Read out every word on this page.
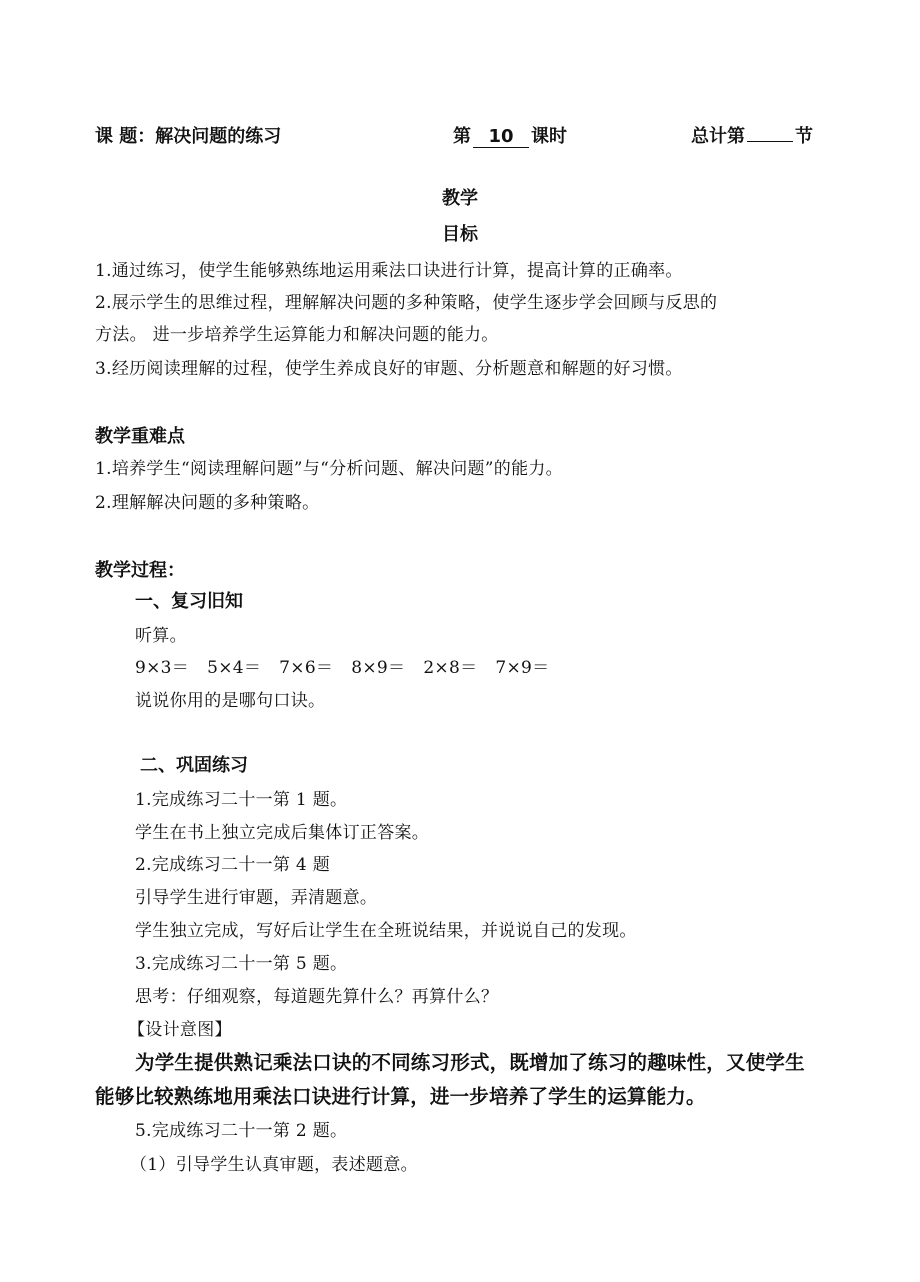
课 题：解决问题的练习	第 10 课时	总计第	节
教学
目标
1.通过练习，使学生能够熟练地运用乘法口诀进行计算，提高计算的正确率。
2.展示学生的思维过程，理解解决问题的多种策略，使学生逐步学会回顾与反思的
方法。 进一步培养学生运算能力和解决问题的能力。
3.经历阅读理解的过程，使学生养成良好的审题、分析题意和解题的好习惯。
教学重难点
1.培养学生“阅读理解问题”与“分析问题、解决问题”的能力。
2.理解解决问题的多种策略。
教学过程：
一、复习旧知
听算。
9×3＝ 5×4＝ 7×6＝ 8×9＝ 2×8＝ 7×9＝
说说你用的是哪句口诀。
二、巩固练习
1.完成练习二十一第 1 题。
学生在书上独立完成后集体订正答案。
2.完成练习二十一第 4 题
引导学生进行审题，弄清题意。
学生独立完成，写好后让学生在全班说结果，并说说自己的发现。
3.完成练习二十一第 5 题。
思考：仔细观察，每道题先算什么？再算什么？
【设计意图】
为学生提供熟记乘法口诀的不同练习形式，既增加了练习的趣味性，又使学生
能够比较熟练地用乘法口诀进行计算，进一步培养了学生的运算能力。
5.完成练习二十一第 2 题。
（1）引导学生认真审题，表述题意。
